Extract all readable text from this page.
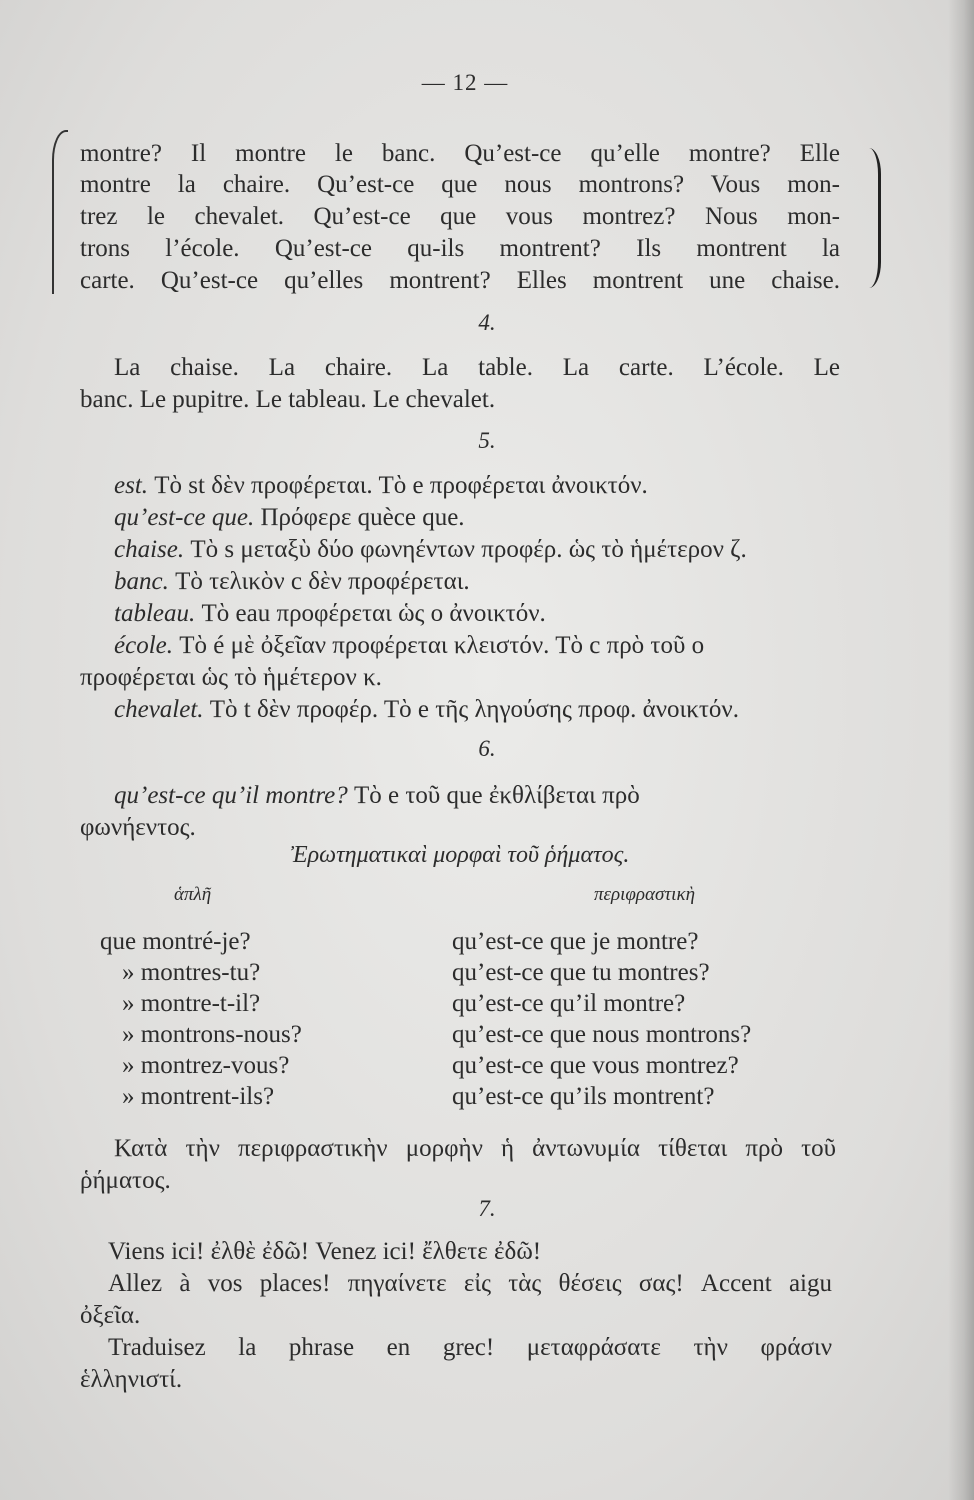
— 12 —
montre? Il montre le banc. Qu’est-ce qu’elle montre? Elle
montre la chaire. Qu’est-ce que nous montrons? Vous mon-
trez le chevalet. Qu’est-ce que vous montrez? Nous mon-
trons l’école. Qu’est-ce qu-ils montrent? Ils montrent la
carte. Qu’est-ce qu’elles montrent? Elles montrent une chaise.
4.
La chaise. La chaire. La table. La carte. L’école. Le
banc. Le pupitre. Le tableau. Le chevalet.
5.
est. Τὸ st δὲν προφέρεται. Τὸ e προφέρεται ἀνοικτόν.
qu’est-ce que. Πρόφερε quèce que.
chaise. Τὸ s μεταξὺ δύο φωνηέντων προφέρ. ὡς τὸ ἡμέτερον ζ.
banc. Τὸ τελικὸν c δὲν προφέρεται.
tableau. Τὸ eau προφέρεται ὡς ο ἀνοικτόν.
école. Τὸ é μὲ ὀξεῖαν προφέρεται κλειστόν. Τὸ c πρὸ τοῦ o
προφέρεται ὡς τὸ ἡμέτερον κ.
chevalet. Τὸ t δὲν προφέρ. Τὸ e τῆς ληγούσης προφ. ἀνοικτόν.
6.
qu’est-ce qu’il montre? Τὸ e τοῦ que ἐκθλίβεται πρὸ
φωνήεντος.
Ἐρωτηματικαὶ μορφαὶ τοῦ ῥήματος.
ἁπλῆ	περιφραστικὴ
que montré-je?	qu’est-ce que je montre?
» montres-tu?	qu’est-ce que tu montres?
» montre-t-il?	qu’est-ce qu’il montre?
» montrons-nous?	qu’est-ce que nous montrons?
» montrez-vous?	qu’est-ce que vous montrez?
» montrent-ils?	qu’est-ce qu’ils montrent?
Κατὰ τὴν περιφραστικὴν μορφὴν ἡ ἀντωνυμία τίθεται πρὸ τοῦ
ῥήματος.
7.
Viens ici! ἐλθὲ ἐδῶ! Venez ici! ἔλθετε ἐδῶ!
Allez à vos places! πηγαίνετε εἰς τὰς θέσεις σας! Accent aigu
ὀξεῖα.
Traduisez la phrase en grec! μεταφράσατε τὴν φράσιν
ἑλληνιστί.
